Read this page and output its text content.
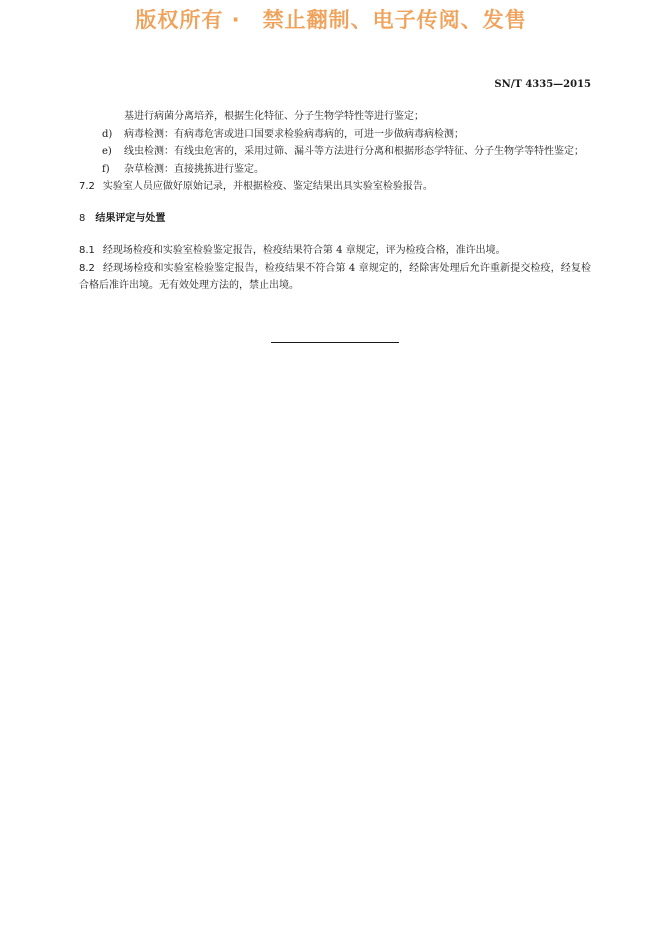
版权所有 · 禁止翻制、电子传阅、发售
SN/T 4335—2015
基进行病菌分离培养，根据生化特征、分子生物学特性等进行鉴定；
d) 病毒检测：有病毒危害或进口国要求检验病毒病的，可进一步做病毒病检测；
e) 线虫检测：有线虫危害的，采用过筛、漏斗等方法进行分离和根据形态学特征、分子生物学等特性鉴定；
f) 杂草检测：直接挑拣进行鉴定。
7.2 实验室人员应做好原始记录，并根据检疫、鉴定结果出具实验室检验报告。
8 结果评定与处置
8.1 经现场检疫和实验室检验鉴定报告，检疫结果符合第 4 章规定，评为检疫合格，准许出境。
8.2 经现场检疫和实验室检验鉴定报告，检疫结果不符合第 4 章规定的，经除害处理后允许重新提交检疫，经复检合格后准许出境。无有效处理方法的，禁止出境。
